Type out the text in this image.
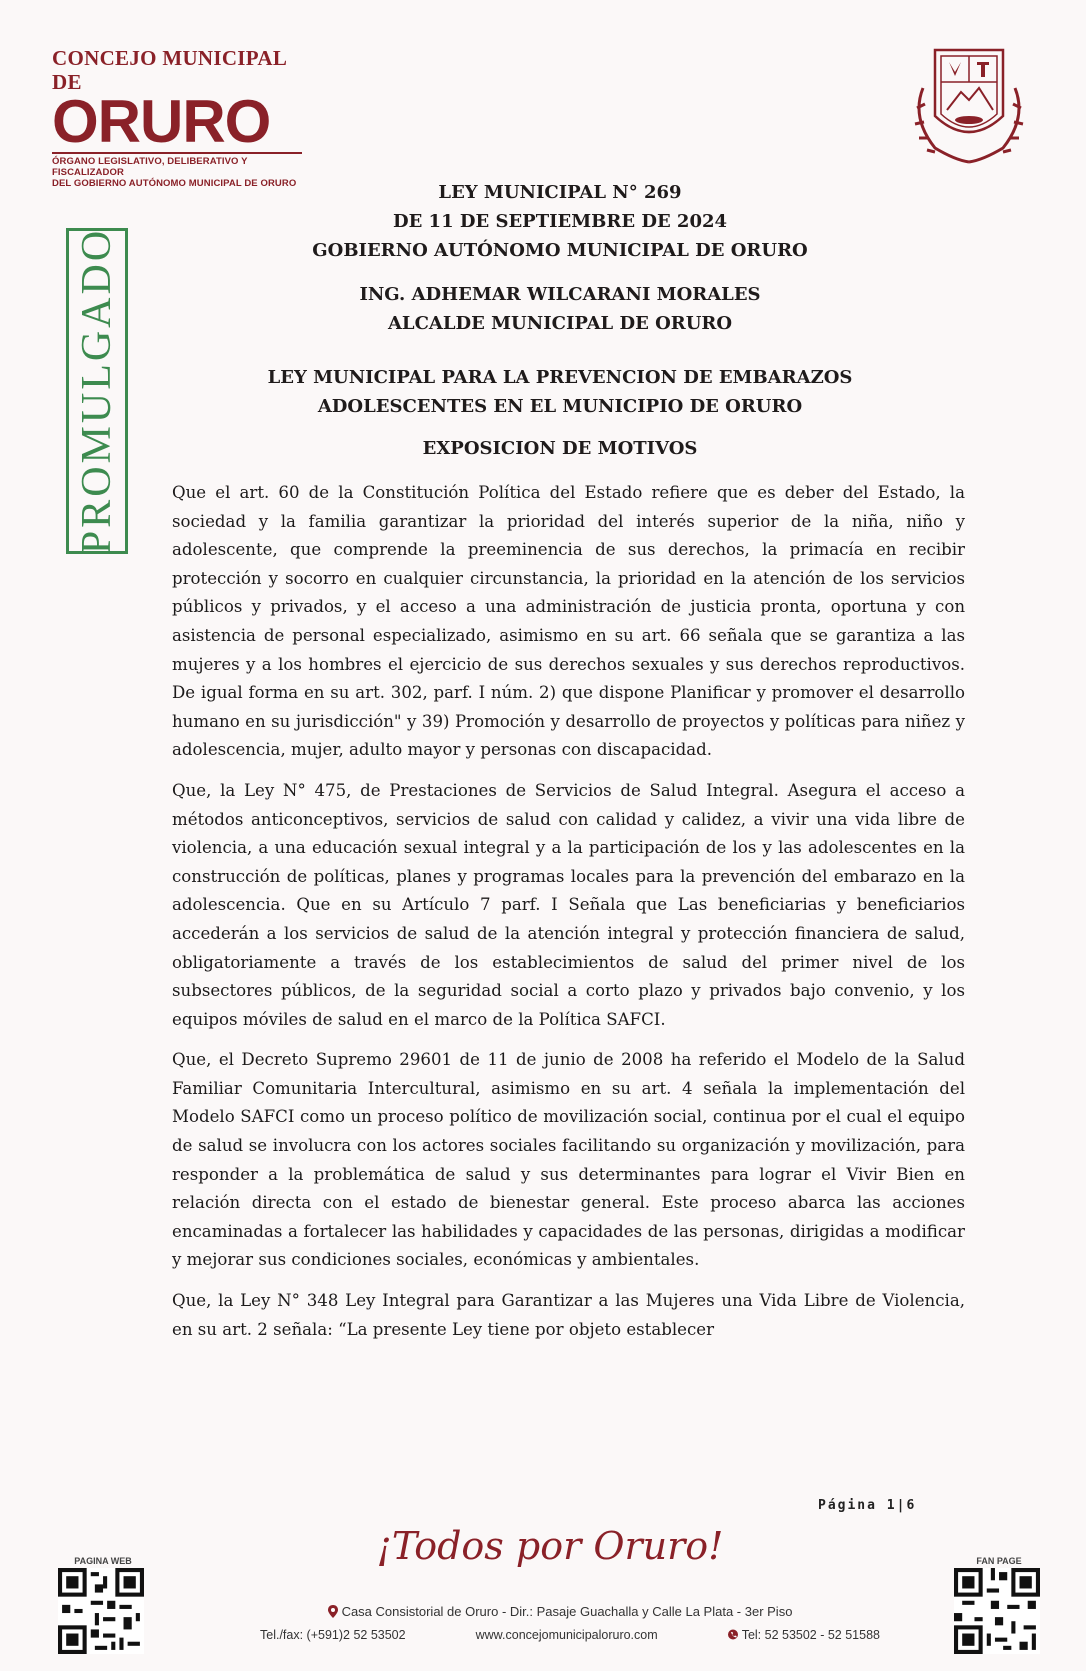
CONCEJO MUNICIPAL DE
ORURO
ÓRGANO LEGISLATIVO, DELIBERATIVO Y FISCALIZADOR
DEL GOBIERNO AUTÓNOMO MUNICIPAL DE ORURO
PROMULGADO
LEY MUNICIPAL N° 269
DE 11 DE SEPTIEMBRE DE 2024
GOBIERNO AUTÓNOMO MUNICIPAL DE ORURO
ING. ADHEMAR WILCARANI MORALES
ALCALDE MUNICIPAL DE ORURO
LEY MUNICIPAL PARA LA PREVENCION DE EMBARAZOS
ADOLESCENTES EN EL MUNICIPIO DE ORURO
EXPOSICION DE MOTIVOS

Que el art. 60 de la Constitución Política del Estado refiere que es deber del Estado, la sociedad y la familia garantizar la prioridad del interés superior de la niña, niño y adolescente, que comprende la preeminencia de sus derechos, la primacía en recibir protección y socorro en cualquier circunstancia, la prioridad en la atención de los servicios públicos y privados, y el acceso a una administración de justicia pronta, oportuna y con asistencia de personal especializado, asimismo en su art. 66 señala que se garantiza a las mujeres y a los hombres el ejercicio de sus derechos sexuales y sus derechos reproductivos. De igual forma en su art. 302, parf. I núm. 2) que dispone Planificar y promover el desarrollo humano en su jurisdicción" y 39) Promoción y desarrollo de proyectos y políticas para niñez y adolescencia, mujer, adulto mayor y personas con discapacidad.

Que, la Ley N° 475, de Prestaciones de Servicios de Salud Integral. Asegura el acceso a métodos anticonceptivos, servicios de salud con calidad y calidez, a vivir una vida libre de violencia, a una educación sexual integral y a la participación de los y las adolescentes en la construcción de políticas, planes y programas locales para la prevención del embarazo en la adolescencia. Que en su Artículo 7 parf. I Señala que Las beneficiarias y beneficiarios accederán a los servicios de salud de la atención integral y protección financiera de salud, obligatoriamente a través de los establecimientos de salud del primer nivel de los subsectores públicos, de la seguridad social a corto plazo y privados bajo convenio, y los equipos móviles de salud en el marco de la Política SAFCI.

Que, el Decreto Supremo 29601 de 11 de junio de 2008 ha referido el Modelo de la Salud Familiar Comunitaria Intercultural, asimismo en su art. 4 señala la implementación del Modelo SAFCI como un proceso político de movilización social, continua por el cual el equipo de salud se involucra con los actores sociales facilitando su organización y movilización, para responder a la problemática de salud y sus determinantes para lograr el Vivir Bien en relación directa con el estado de bienestar general. Este proceso abarca las acciones encaminadas a fortalecer las habilidades y capacidades de las personas, dirigidas a modificar y mejorar sus condiciones sociales, económicas y ambientales.

Que, la Ley N° 348 Ley Integral para Garantizar a las Mujeres una Vida Libre de Violencia, en su art. 2 señala: “La presente Ley tiene por objeto establecer

Página 1|6
PAGINA WEB	FAN PAGE
¡Todos por Oruro!
Casa Consistorial de Oruro - Dir.: Pasaje Guachalla y Calle La Plata - 3er Piso
Tel./fax: (+591)2 52 53502	www.concejomunicipaloruro.com	Tel: 52 53502 - 52 51588
